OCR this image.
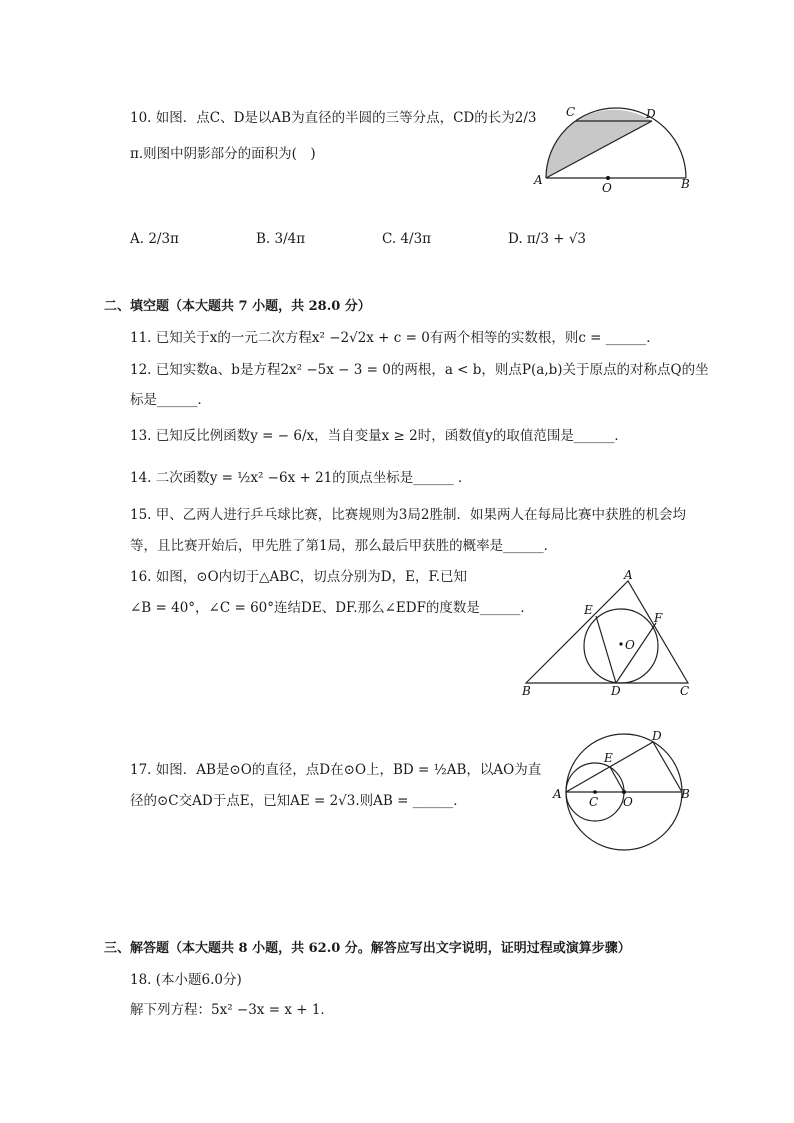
10. 如图．点C、D是以AB为直径的半圆的三等分点，CD的长为2/3
π.则图中阴影部分的面积为(　)
C	D
A
O	B
A. 2/3π	B. 3/4π	C. 4/3π	D. π/3 + √3
二、填空题（本大题共 7 小题，共 28.0 分）
11. 已知关于x的一元二次方程x² −2√2x + c = 0有两个相等的实数根，则c = ______．
12. 已知实数a、b是方程2x² −5x − 3 = 0的两根，a < b，则点P(a,b)关于原点的对称点Q的坐
标是______．
13. 已知反比例函数y = − 6/x，当自变量x ≥ 2时，函数值y的取值范围是______．
14. 二次函数y = ½x² −6x + 21的顶点坐标是______ ．
15. 甲、乙两人进行乒乓球比赛，比赛规则为3局2胜制．如果两人在每局比赛中获胜的机会均
等，且比赛开始后，甲先胜了第1局，那么最后甲获胜的概率是______．
16. 如图，⊙O内切于△ABC，切点分别为D，E，F.已知
∠B = 40°，∠C = 60°连结DE、DF.那么∠EDF的度数是______．
A
E
F
O
B	D	C
17. 如图．AB是⊙O的直径，点D在⊙O上，BD = ½AB，以AO为直
径的⊙C交AD于点E，已知AE = 2√3.则AB = ______．
D
E
A
C O
B
三、解答题（本大题共 8 小题，共 62.0 分。解答应写出文字说明，证明过程或演算步骤）
18. (本小题6.0分)
解下列方程：5x² −3x = x + 1．
